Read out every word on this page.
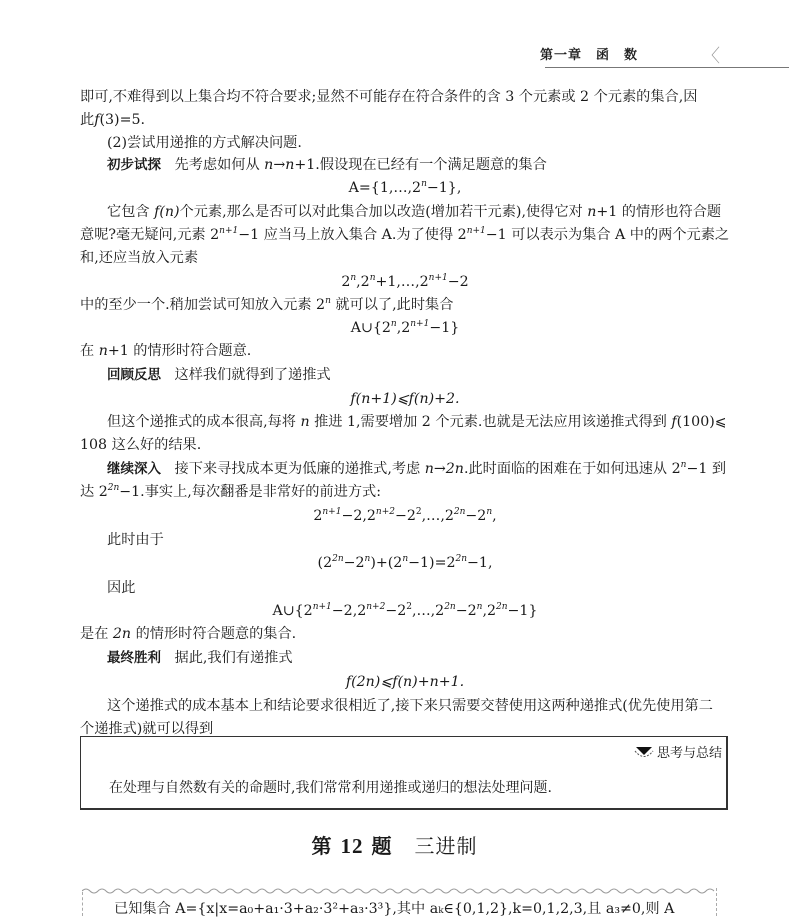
第一章 函 数	〈
即可,不难得到以上集合均不符合要求;显然不可能存在符合条件的含 3 个元素或 2 个元素的集合,因
此f(3)=5.
(2)尝试用递推的方式解决问题.
初步试探 先考虑如何从 n→n+1.假设现在已经有一个满足题意的集合
$A=\{1,\dots,2^n-1\}$,
它包含 f(n)个元素,那么是否可以对此集合加以改造(增加若干元素),使得它对 n+1 的情形也符合题
意呢?毫无疑问,元素 $2^{n+1}-1$ 应当马上放入集合 A.为了使得 $2^{n+1}-1$ 可以表示为集合 A 中的两个元素之
和,还应当放入元素
$2^n,2^n+1,\dots,2^{n+1}-2$
中的至少一个.稍加尝试可知放入元素 2$^n$ 就可以了,此时集合
$A\cup\{2^n,2^{n+1}-1\}$
在 n+1 的情形时符合题意.
回顾反思 这样我们就得到了递推式
f(n+1)⩽f(n)+2.
但这个递推式的成本很高,每将 n 推进 1,需要增加 2 个元素.也就是无法应用该递推式得到 f(100)⩽
108 这么好的结果.
继续深入 接下来寻找成本更为低廉的递推式,考虑 n→2n.此时面临的困难在于如何迅速从 $2^n-1$ 到
达 $2^{2n}-1$.事实上,每次翻番是非常好的前进方式:
$2^{n+1}-2,2^{n+2}-2^2,\dots,2^{2n}-2^n$,
此时由于
$(2^{2n}-2^n)+(2^n-1)=2^{2n}-1$,
因此
$A\cup\{2^{n+1}-2,2^{n+2}-2^2,\dots,2^{2n}-2^n,2^{2n}-1\}$
是在 2n 的情形时符合题意的集合.
最终胜利 据此,我们有递推式
f(2n)⩽f(n)+n+1.
这个递推式的成本基本上和结论要求很相近了,接下来只需要交替使用这两种递推式(优先使用第二
个递推式)就可以得到
思考与总结
在处理与自然数有关的命题时,我们常常利用递推或递归的想法处理问题.
第 12 题 三进制
已知集合 A={x|x=a₀+a₁·3+a₂·3²+a₃·3³},其中 aₖ∈{0,1,2},k=0,1,2,3,且 a₃≠0,则 A
